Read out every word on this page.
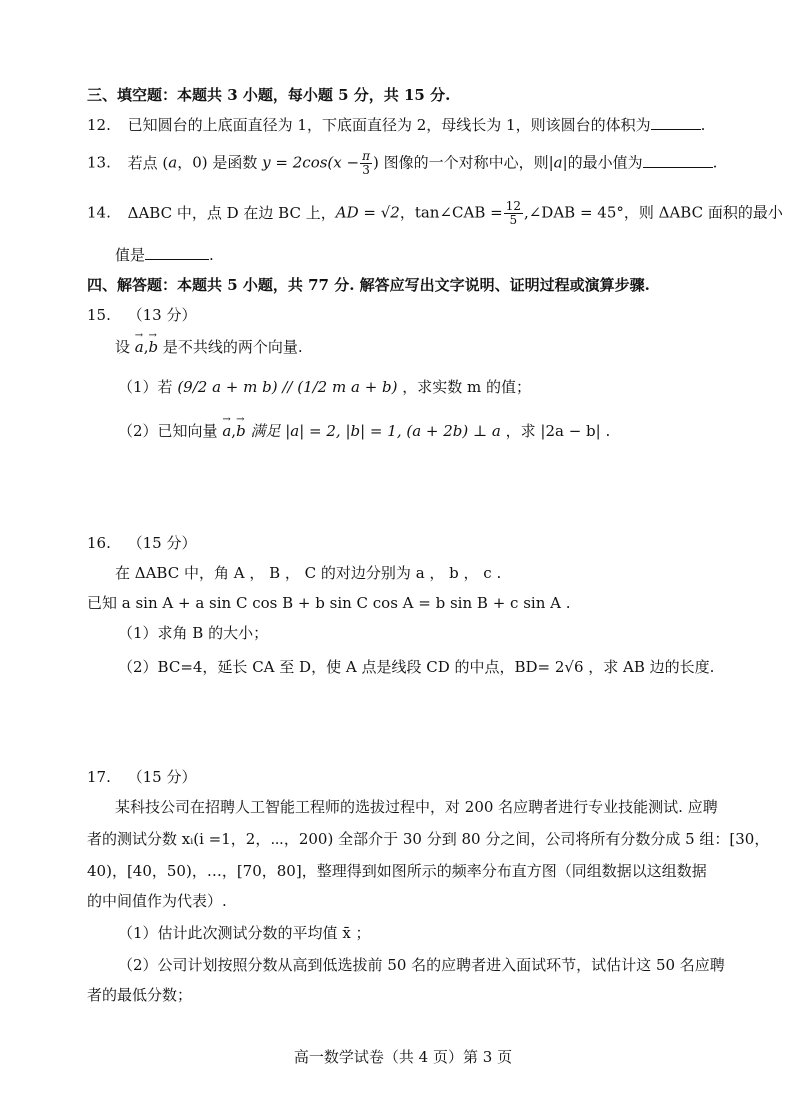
三、填空题：本题共 3 小题，每小题 5 分，共 15 分.
12. 已知圆台的上底面直径为 1，下底面直径为 2，母线长为 1，则该圆台的体积为	.
13. 若点 (a，0) 是函数 $y = 2\cos(x - \frac{\pi}{3}$ ) 图像的一个对称中心，则|a|的最小值为	.
14. ΔABC 中，点 D 在边 BC 上，AD = √2，tan∠CAB = $\frac{12}{5}$ ,∠DAB = 45°，则 ΔABC 面积的最小
值是	.
四、解答题：本题共 5 小题，共 77 分. 解答应写出文字说明、证明过程或演算步骤.
15. （13 分）
设 → a,→ b 是不共线的两个向量.
（1）若 (9/2 a + m b) // (1/2 m a + b) ，求实数 m 的值；
（2）已知向量 → a,→ b 满足 |a| = 2, |b| = 1, (a + 2b) ⊥ a ，求 |2a − b| .
16. （15 分）
在 ΔABC 中，角 A ， B ， C 的对边分别为 a ， b ， c .
已知 a sin A + a sin C cos B + b sin C cos A = b sin B + c sin A .
（1）求角 B 的大小；
（2）BC=4，延长 CA 至 D，使 A 点是线段 CD 的中点，BD= 2√6 ，求 AB 边的长度.
17. （15 分）
某科技公司在招聘人工智能工程师的选拔过程中，对 200 名应聘者进行专业技能测试. 应聘
者的测试分数 xᵢ(i =1，2，⋯，200) 全部介于 30 分到 80 分之间，公司将所有分数分成 5 组：[30，
40)，[40，50)，…，[70，80]，整理得到如图所示的频率分布直方图（同组数据以这组数据
的中间值作为代表）.
（1）估计此次测试分数的平均值 x̄ ；
（2）公司计划按照分数从高到低选拔前 50 名的应聘者进入面试环节，试估计这 50 名应聘
者的最低分数；
高一数学试卷（共 4 页）第 3 页
